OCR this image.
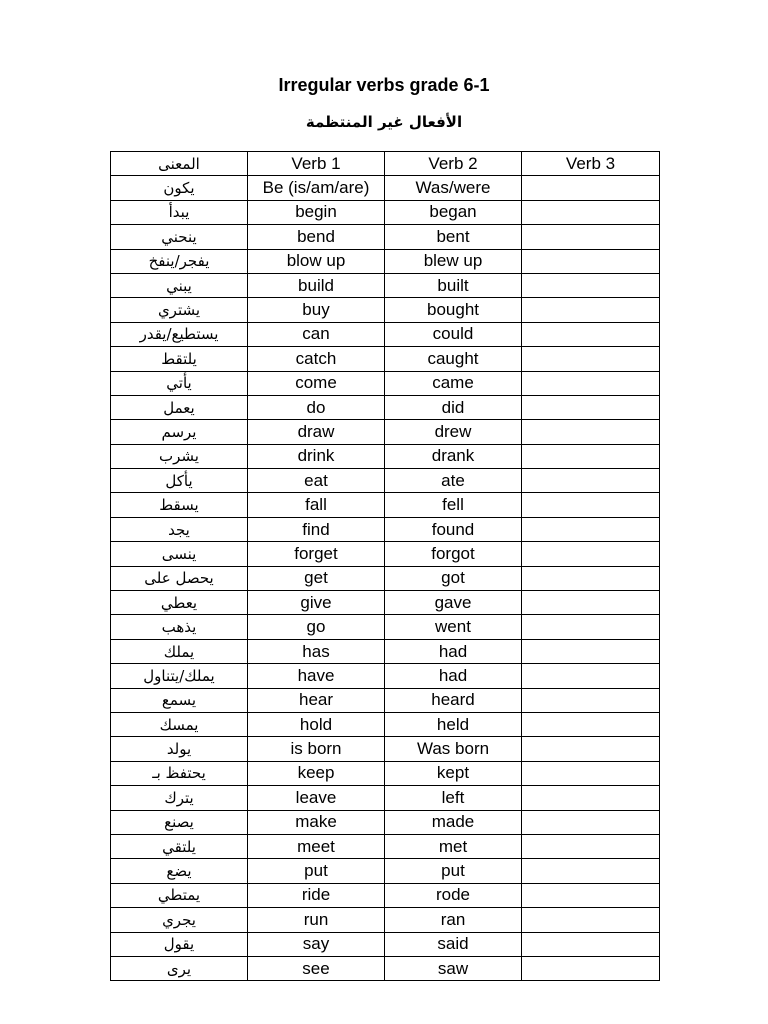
Irregular verbs grade 6-1
الأفعال غير المنتظمة
المعنى	Verb 1	Verb 2	Verb 3
يكون	Be (is/am/are)	Was/were	
يبدأ	begin	began	
ينحني	bend	bent	
يفجر/ينفخ	blow up	blew up	
يبني	build	built	
يشتري	buy	bought	
يستطيع/يقدر	can	could	
يلتقط	catch	caught	
يأتي	come	came	
يعمل	do	did	
يرسم	draw	drew	
يشرب	drink	drank	
يأكل	eat	ate	
يسقط	fall	fell	
يجد	find	found	
ينسى	forget	forgot	
يحصل على	get	got	
يعطي	give	gave	
يذهب	go	went	
يملك	has	had	
يملك/يتناول	have	had	
يسمع	hear	heard	
يمسك	hold	held	
يولد	is born	Was born	
يحتفظ بـ	keep	kept	
يترك	leave	left	
يصنع	make	made	
يلتقي	meet	met	
يضع	put	put	
يمتطي	ride	rode	
يجري	run	ran	
يقول	say	said	
يرى	see	saw	
